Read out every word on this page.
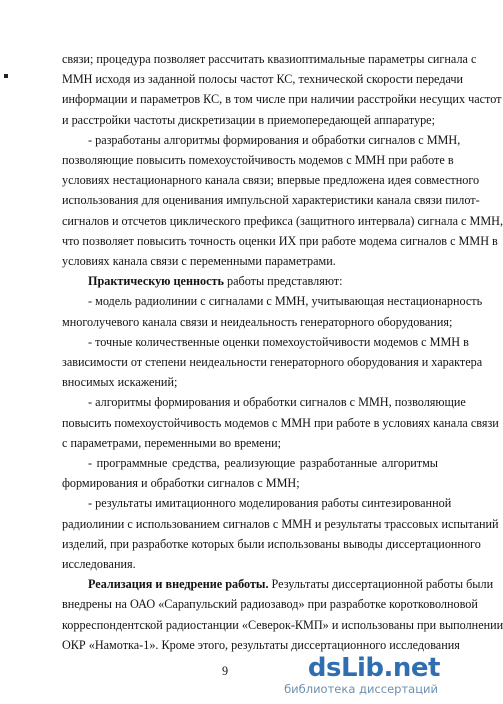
связи; процедура позволяет рассчитать квазиоптимальные параметры сигнала с
ММН исходя из заданной полосы частот КС, технической скорости передачи
информации и параметров КС, в том числе при наличии расстройки несущих частот
и расстройки частоты дискретизации в приемопередающей аппаратуре;
- разработаны алгоритмы формирования и обработки сигналов с ММН,
позволяющие повысить помехоустойчивость модемов с ММН при работе в
условиях нестационарного канала связи; впервые предложена идея совместного
использования для оценивания импульсной характеристики канала связи пилот-
сигналов и отсчетов циклического префикса (защитного интервала) сигнала с ММН,
что позволяет повысить точность оценки ИХ при работе модема сигналов с ММН в
условиях канала связи с переменными параметрами.
Практическую ценность работы представляют:
- модель радиолинии с сигналами с ММН, учитывающая нестационарность
многолучевого канала связи и неидеальность генераторного оборудования;
- точные количественные оценки помехоустойчивости модемов с ММН в
зависимости от степени неидеальности генераторного оборудования и характера
вносимых искажений;
- алгоритмы формирования и обработки сигналов с ММН, позволяющие
повысить помехоустойчивость модемов с ММН при работе в условиях канала связи
с параметрами, переменными во времени;
- программные средства, реализующие разработанные алгоритмы
формирования и обработки сигналов с ММН;
- результаты имитационного моделирования работы синтезированной
радиолинии с использованием сигналов с ММН и результаты трассовых испытаний
изделий, при разработке которых были использованы выводы диссертационного
исследования.
Реализация и внедрение работы. Результаты диссертационной работы были
внедрены на ОАО «Сарапульский радиозавод» при разработке коротковолновой
корреспондентской радиостанции «Северок-КМП» и использованы при выполнении
ОКР «Намотка-1». Кроме этого, результаты диссертационного исследования
9	dsLib.net
библиотека диссертаций
